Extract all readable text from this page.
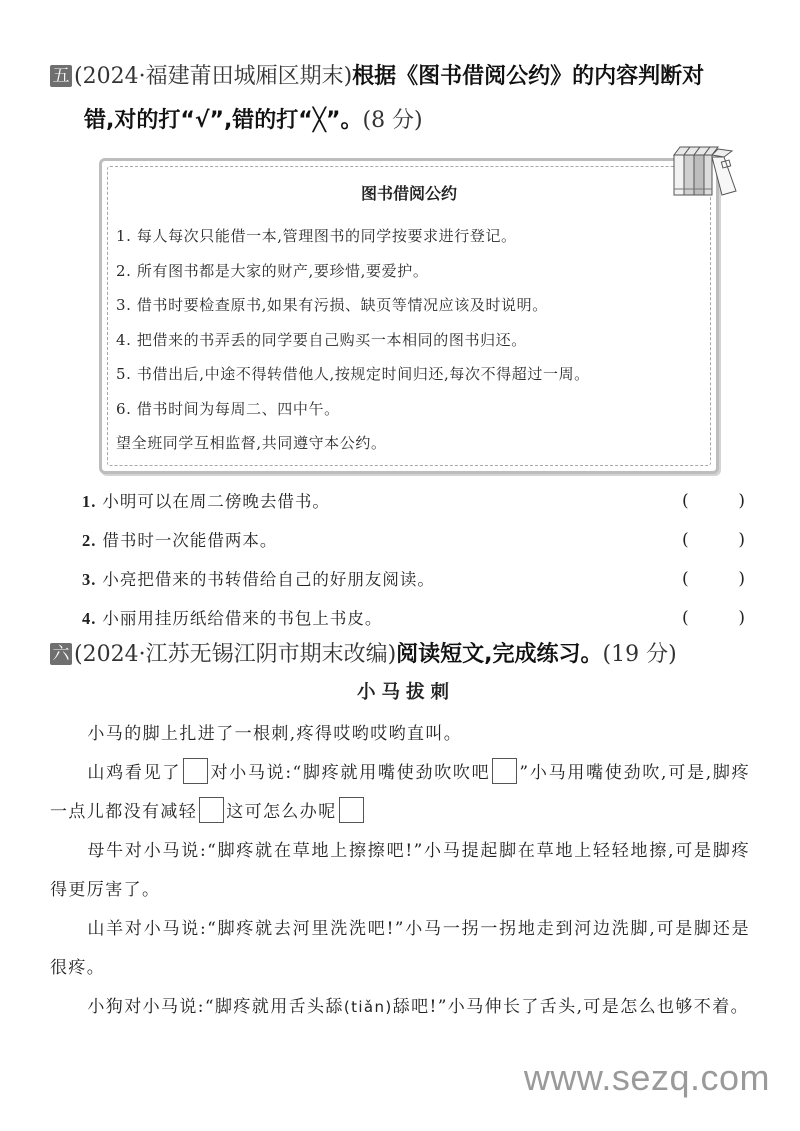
五 (2024·福建莆田城厢区期末)根据《图书借阅公约》的内容判断对
错,对的打“√”,错的打“╳”。(8 分)
图书借阅公约
1. 每人每次只能借一本,管理图书的同学按要求进行登记。
2. 所有图书都是大家的财产,要珍惜,要爱护。
3. 借书时要检查原书,如果有污损、缺页等情况应该及时说明。
4. 把借来的书弄丢的同学要自己购买一本相同的图书归还。
5. 书借出后,中途不得转借他人,按规定时间归还,每次不得超过一周。
6. 借书时间为每周二、四中午。
望全班同学互相监督,共同遵守本公约。
1. 小明可以在周二傍晚去借书。	(	)
2. 借书时一次能借两本。	(	)
3. 小亮把借来的书转借给自己的好朋友阅读。	(	)
4. 小丽用挂历纸给借来的书包上书皮。	(	)
六 (2024·江苏无锡江阴市期末改编)阅读短文,完成练习。(19 分)
小马拔刺

小马的脚上扎进了一根刺,疼得哎哟哎哟直叫。

山鸡看见了 对小马说:“脚疼就用嘴使劲吹吹吧 ”小马用嘴使劲吹,可是,脚疼一点儿都没有减轻 这可怎么办呢

母牛对小马说:“脚疼就在草地上擦擦吧!”小马提起脚在草地上轻轻地擦,可是脚疼得更厉害了。

山羊对小马说:“脚疼就去河里洗洗吧!”小马一拐一拐地走到河边洗脚,可是脚还是很疼。

小狗对小马说:“脚疼就用舌头舔(tiǎn)舔吧!”小马伸长了舌头,可是怎么也够不着。

www.sezq.com
